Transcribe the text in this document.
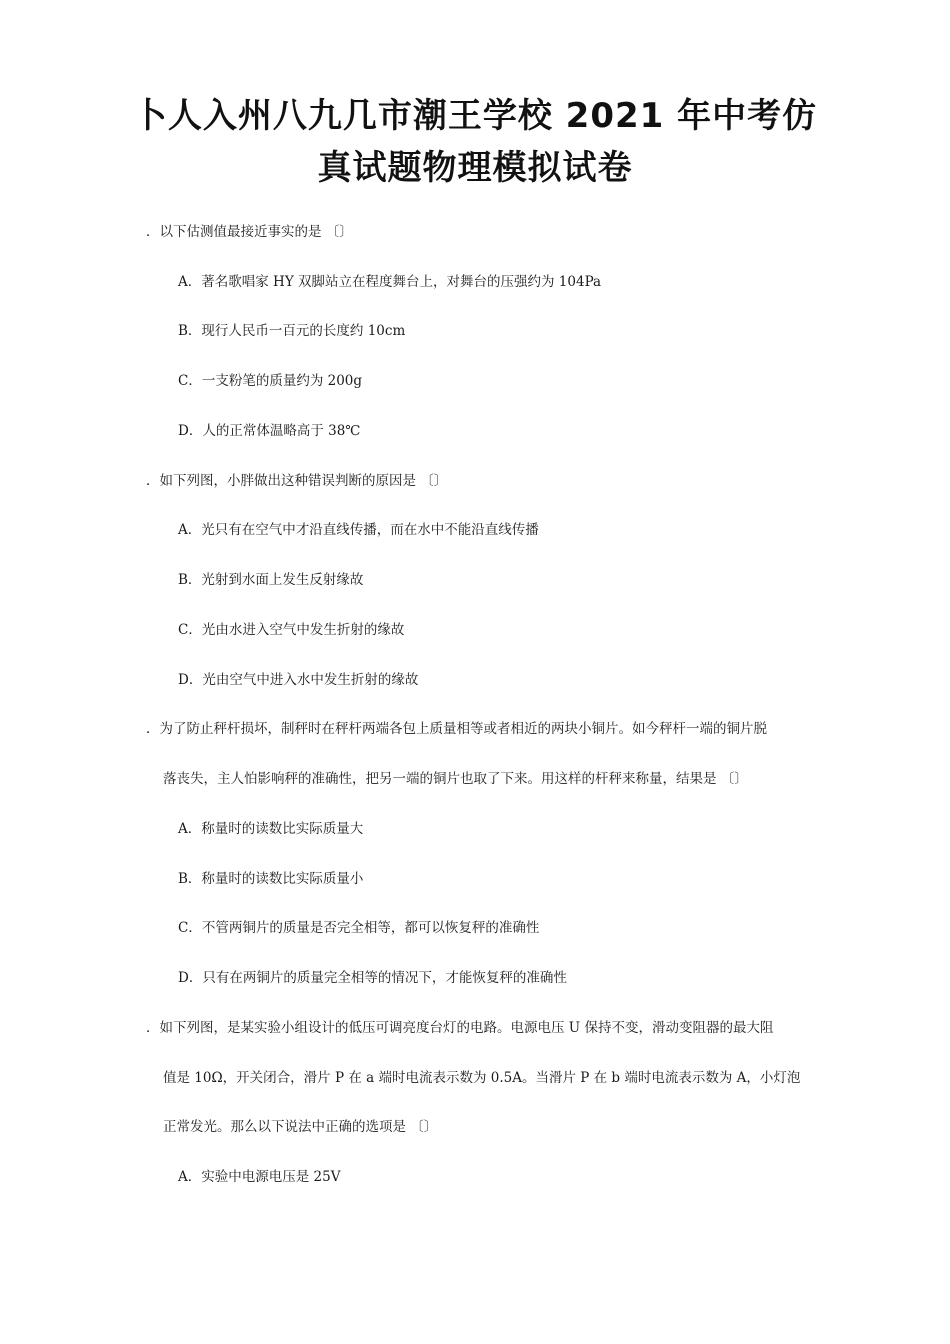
卜人入州八九几市潮王学校 2021 年中考仿
真试题物理模拟试卷
．以下估测值最接近事实的是 〔〕
A．著名歌唱家 HY 双脚站立在程度舞台上，对舞台的压强约为 104Pa
B．现行人民币一百元的长度约 10cm
C．一支粉笔的质量约为 200g
D．人的正常体温略高于 38℃
．如下列图，小胖做出这种错误判断的原因是 〔〕
A．光只有在空气中才沿直线传播，而在水中不能沿直线传播
B．光射到水面上发生反射缘故
C．光由水进入空气中发生折射的缘故
D．光由空气中进入水中发生折射的缘故
．为了防止秤杆损坏，制秤时在秤杆两端各包上质量相等或者相近的两块小铜片。如今秤杆一端的铜片脱
落丧失，主人怕影响秤的准确性，把另一端的铜片也取了下来。用这样的杆秤来称量，结果是 〔〕
A．称量时的读数比实际质量大
B．称量时的读数比实际质量小
C．不管两铜片的质量是否完全相等，都可以恢复秤的准确性
D．只有在两铜片的质量完全相等的情况下，才能恢复秤的准确性
．如下列图，是某实验小组设计的低压可调亮度台灯的电路。电源电压 U 保持不变，滑动变阻器的最大阻
值是 10Ω，开关闭合，滑片 P 在 a 端时电流表示数为 0.5A。当滑片 P 在 b 端时电流表示数为 A，小灯泡
正常发光。那么以下说法中正确的选项是 〔〕
A．实验中电源电压是 25V
